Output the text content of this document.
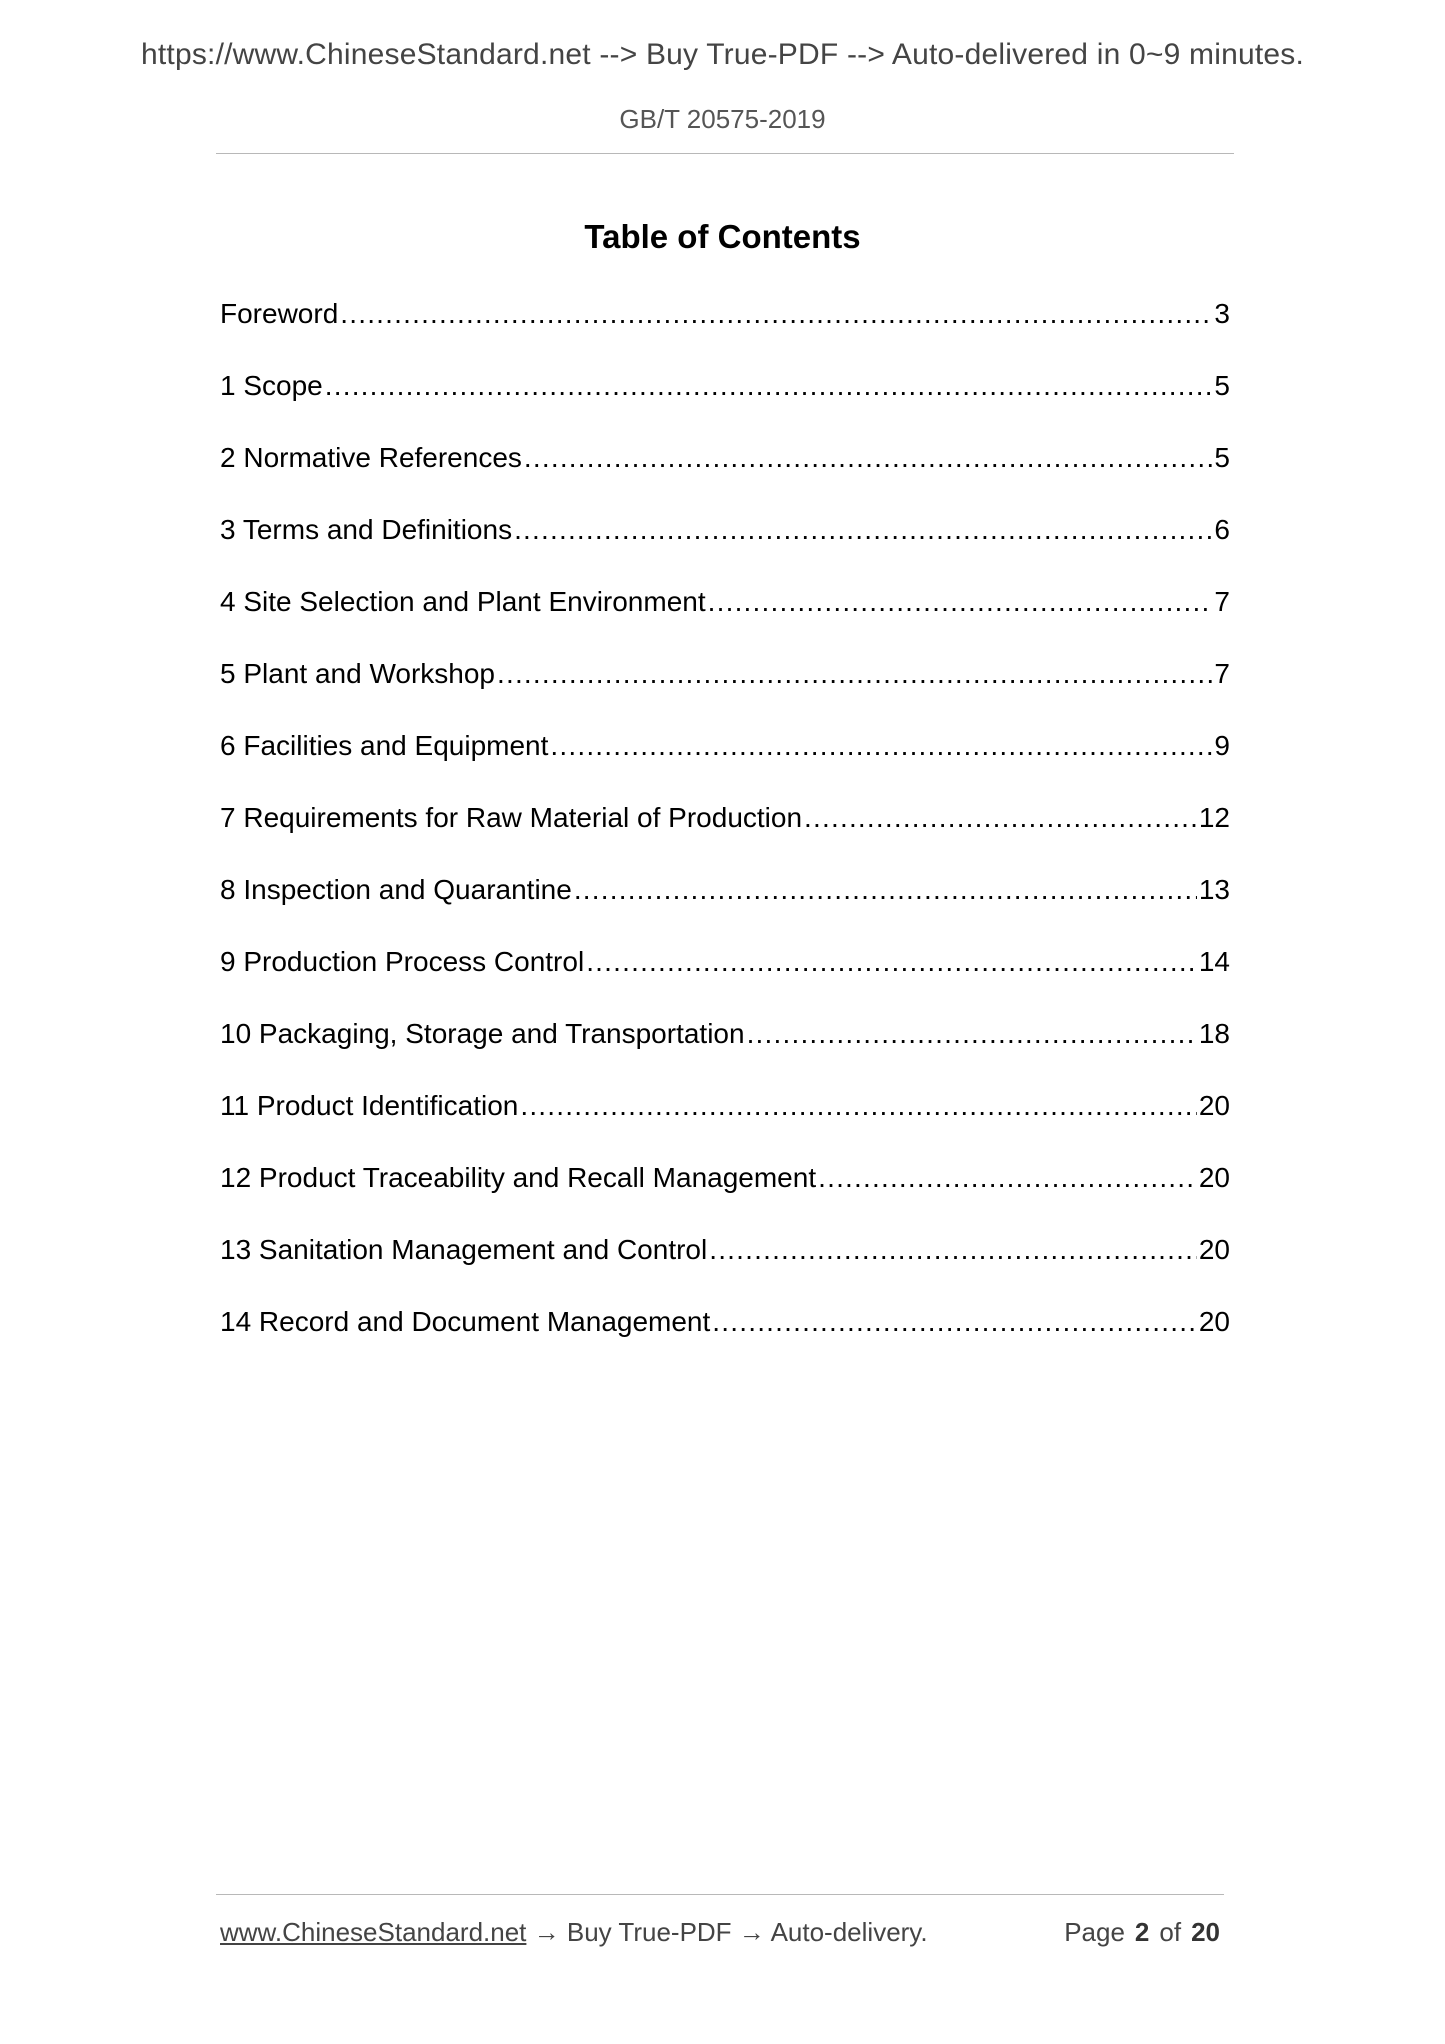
https://www.ChineseStandard.net --> Buy True-PDF --> Auto-delivered in 0~9 minutes.
GB/T 20575-2019
Table of Contents
Foreword .....	3
1 Scope .....	5
2 Normative References .....	5
3 Terms and Definitions .....	6
4 Site Selection and Plant Environment .....	7
5 Plant and Workshop .....	7
6 Facilities and Equipment .....	9
7 Requirements for Raw Material of Production .....	12
8 Inspection and Quarantine .....	13
9 Production Process Control .....	14
10 Packaging, Storage and Transportation .....	18
11 Product Identification .....	20
12 Product Traceability and Recall Management .....	20
13 Sanitation Management and Control .....	20
14 Record and Document Management .....	20
www.ChineseStandard.net → Buy True-PDF → Auto-delivery.	Page 2 of 20
